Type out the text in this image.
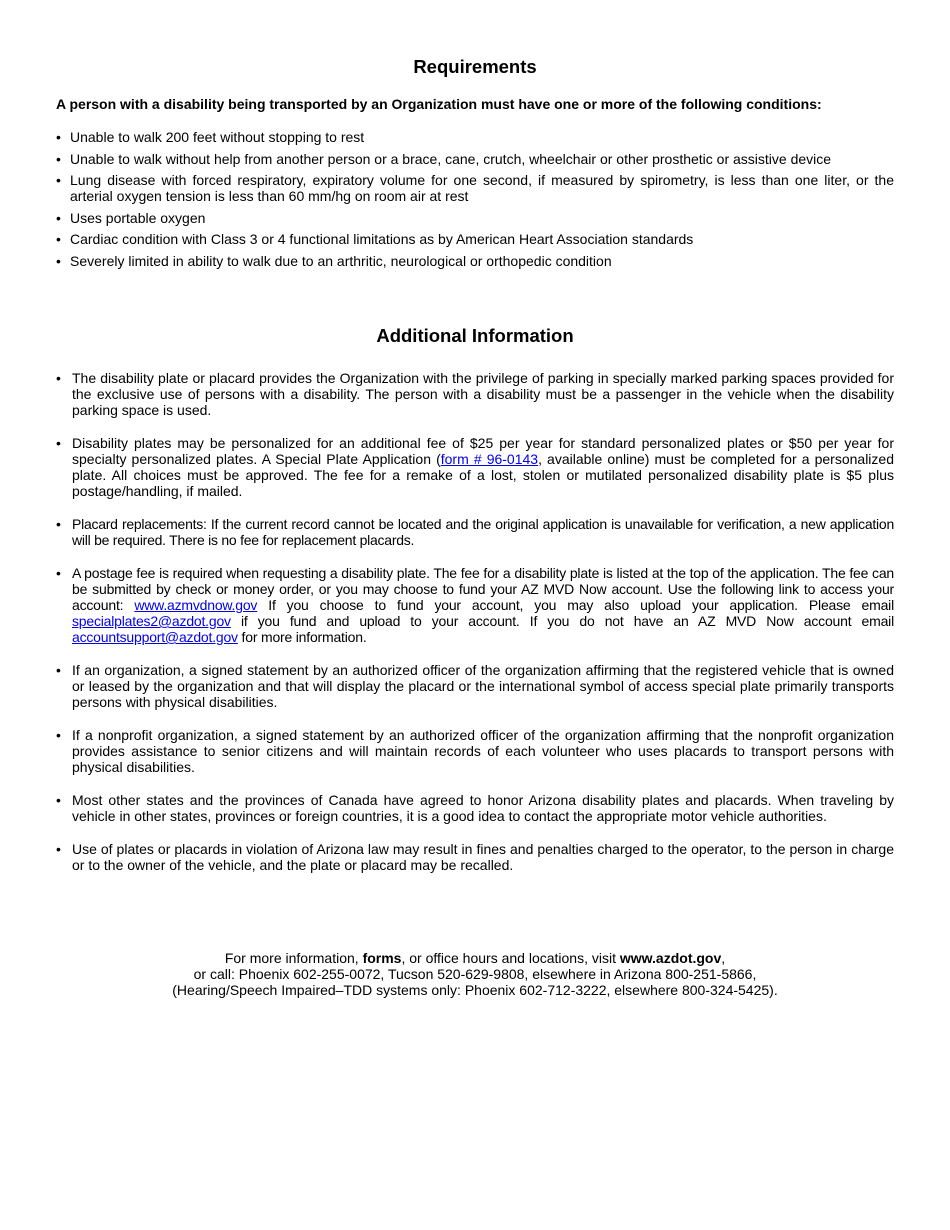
Requirements

A person with a disability being transported by an Organization must have one or more of the following conditions:

• Unable to walk 200 feet without stopping to rest
• Unable to walk without help from another person or a brace, cane, crutch, wheelchair or other prosthetic or assistive device
• Lung disease with forced respiratory, expiratory volume for one second, if measured by spirometry, is less than one liter, or the arterial oxygen tension is less than 60 mm/hg on room air at rest
• Uses portable oxygen
• Cardiac condition with Class 3 or 4 functional limitations as by American Heart Association standards
• Severely limited in ability to walk due to an arthritic, neurological or orthopedic condition
Additional Information
• The disability plate or placard provides the Organization with the privilege of parking in specially marked parking spaces provided for the exclusive use of persons with a disability. The person with a disability must be a passenger in the vehicle when the disability parking space is used.
• Disability plates may be personalized for an additional fee of $25 per year for standard personalized plates or $50 per year for specialty personalized plates. A Special Plate Application (form # 96-0143, available online) must be completed for a personalized plate. All choices must be approved. The fee for a remake of a lost, stolen or mutilated personalized disability plate is $5 plus postage/handling, if mailed.
• Placard replacements: If the current record cannot be located and the original application is unavailable for verification, a new application will be required. There is no fee for replacement placards.
• A postage fee is required when requesting a disability plate. The fee for a disability plate is listed at the top of the application. The fee can be submitted by check or money order, or you may choose to fund your AZ MVD Now account. Use the following link to access your account: www.azmvdnow.gov If you choose to fund your account, you may also upload your application. Please email specialplates2@azdot.gov if you fund and upload to your account. If you do not have an AZ MVD Now account email accountsupport@azdot.gov for more information.
• If an organization, a signed statement by an authorized officer of the organization affirming that the registered vehicle that is owned or leased by the organization and that will display the placard or the international symbol of access special plate primarily transports persons with physical disabilities.
• If a nonprofit organization, a signed statement by an authorized officer of the organization affirming that the nonprofit organization provides assistance to senior citizens and will maintain records of each volunteer who uses placards to transport persons with physical disabilities.
• Most other states and the provinces of Canada have agreed to honor Arizona disability plates and placards. When traveling by vehicle in other states, provinces or foreign countries, it is a good idea to contact the appropriate motor vehicle authorities.
• Use of plates or placards in violation of Arizona law may result in fines and penalties charged to the operator, to the person in charge or to the owner of the vehicle, and the plate or placard may be recalled.
For more information, forms, or office hours and locations, visit www.azdot.gov,
or call: Phoenix 602-255-0072, Tucson 520-629-9808, elsewhere in Arizona 800-251-5866,
(Hearing/Speech Impaired–TDD systems only: Phoenix 602-712-3222, elsewhere 800-324-5425).
